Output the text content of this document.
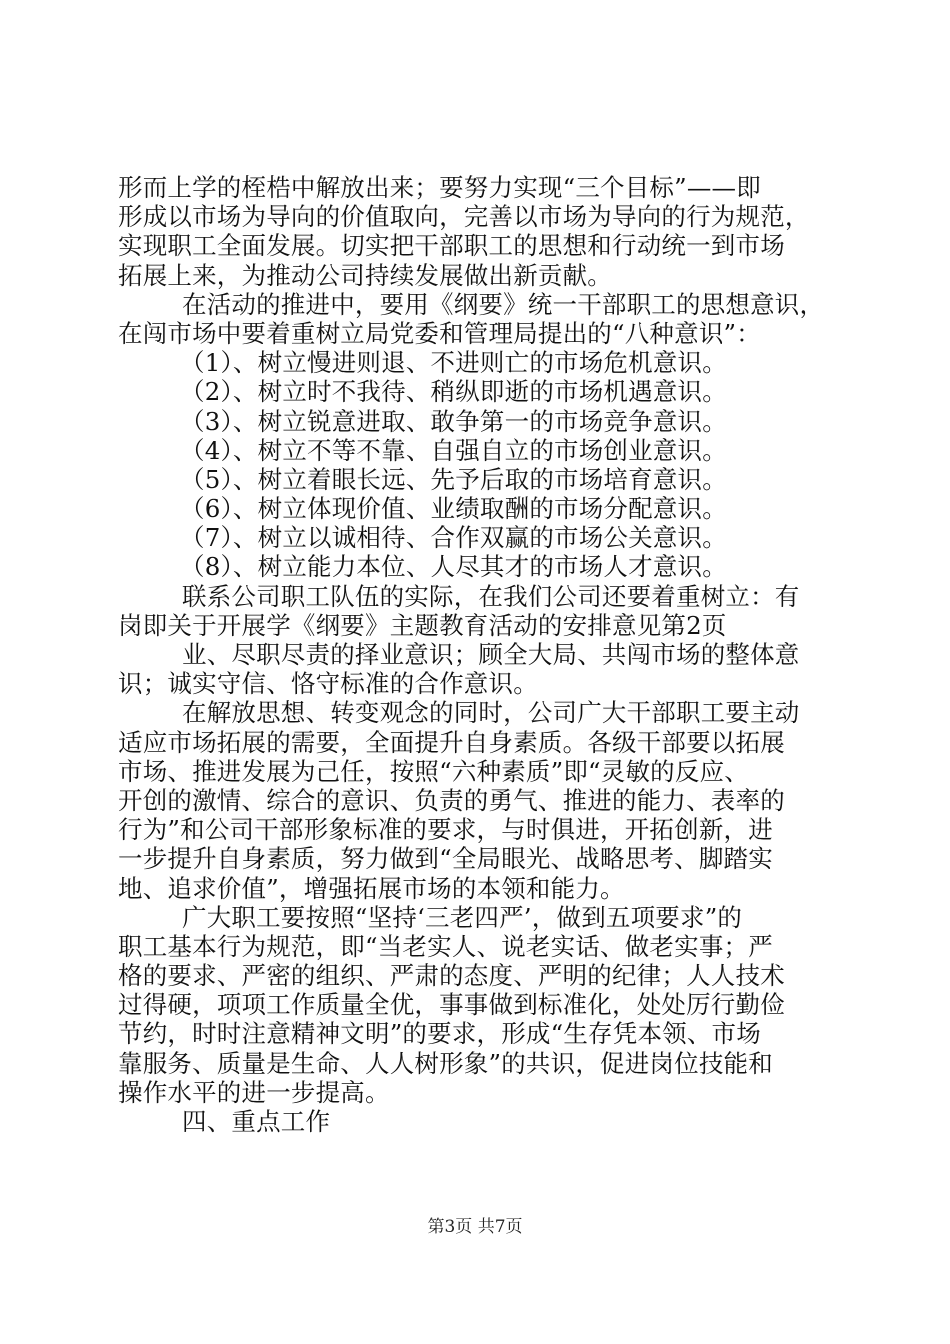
形而上学的桎梏中解放出来；要努力实现“三个目标”——即
形成以市场为导向的价值取向，完善以市场为导向的行为规范，
实现职工全面发展。切实把干部职工的思想和行动统一到市场
拓展上来，为推动公司持续发展做出新贡献。
在活动的推进中，要用《纲要》统一干部职工的思想意识，
在闯市场中要着重树立局党委和管理局提出的“八种意识”：
（1）、树立慢进则退、不进则亡的市场危机意识。
（2）、树立时不我待、稍纵即逝的市场机遇意识。
（3）、树立锐意进取、敢争第一的市场竞争意识。
（4）、树立不等不靠、自强自立的市场创业意识。
（5）、树立着眼长远、先予后取的市场培育意识。
（6）、树立体现价值、业绩取酬的市场分配意识。
（7）、树立以诚相待、合作双赢的市场公关意识。
（8）、树立能力本位、人尽其才的市场人才意识。
联系公司职工队伍的实际，在我们公司还要着重树立：有
岗即关于开展学《纲要》主题教育活动的安排意见第2页
业、尽职尽责的择业意识；顾全大局、共闯市场的整体意
识；诚实守信、恪守标准的合作意识。
在解放思想、转变观念的同时，公司广大干部职工要主动
适应市场拓展的需要，全面提升自身素质。各级干部要以拓展
市场、推进发展为己任，按照“六种素质”即“灵敏的反应、
开创的激情、综合的意识、负责的勇气、推进的能力、表率的
行为”和公司干部形象标准的要求，与时俱进，开拓创新，进
一步提升自身素质，努力做到“全局眼光、战略思考、脚踏实
地、追求价值”，增强拓展市场的本领和能力。
广大职工要按照“坚持‘三老四严’，做到五项要求”的
职工基本行为规范，即“当老实人、说老实话、做老实事；严
格的要求、严密的组织、严肃的态度、严明的纪律；人人技术
过得硬，项项工作质量全优，事事做到标准化，处处厉行勤俭
节约，时时注意精神文明”的要求，形成“生存凭本领、市场
靠服务、质量是生命、人人树形象”的共识，促进岗位技能和
操作水平的进一步提高。
四、重点工作
第3页 共7页
